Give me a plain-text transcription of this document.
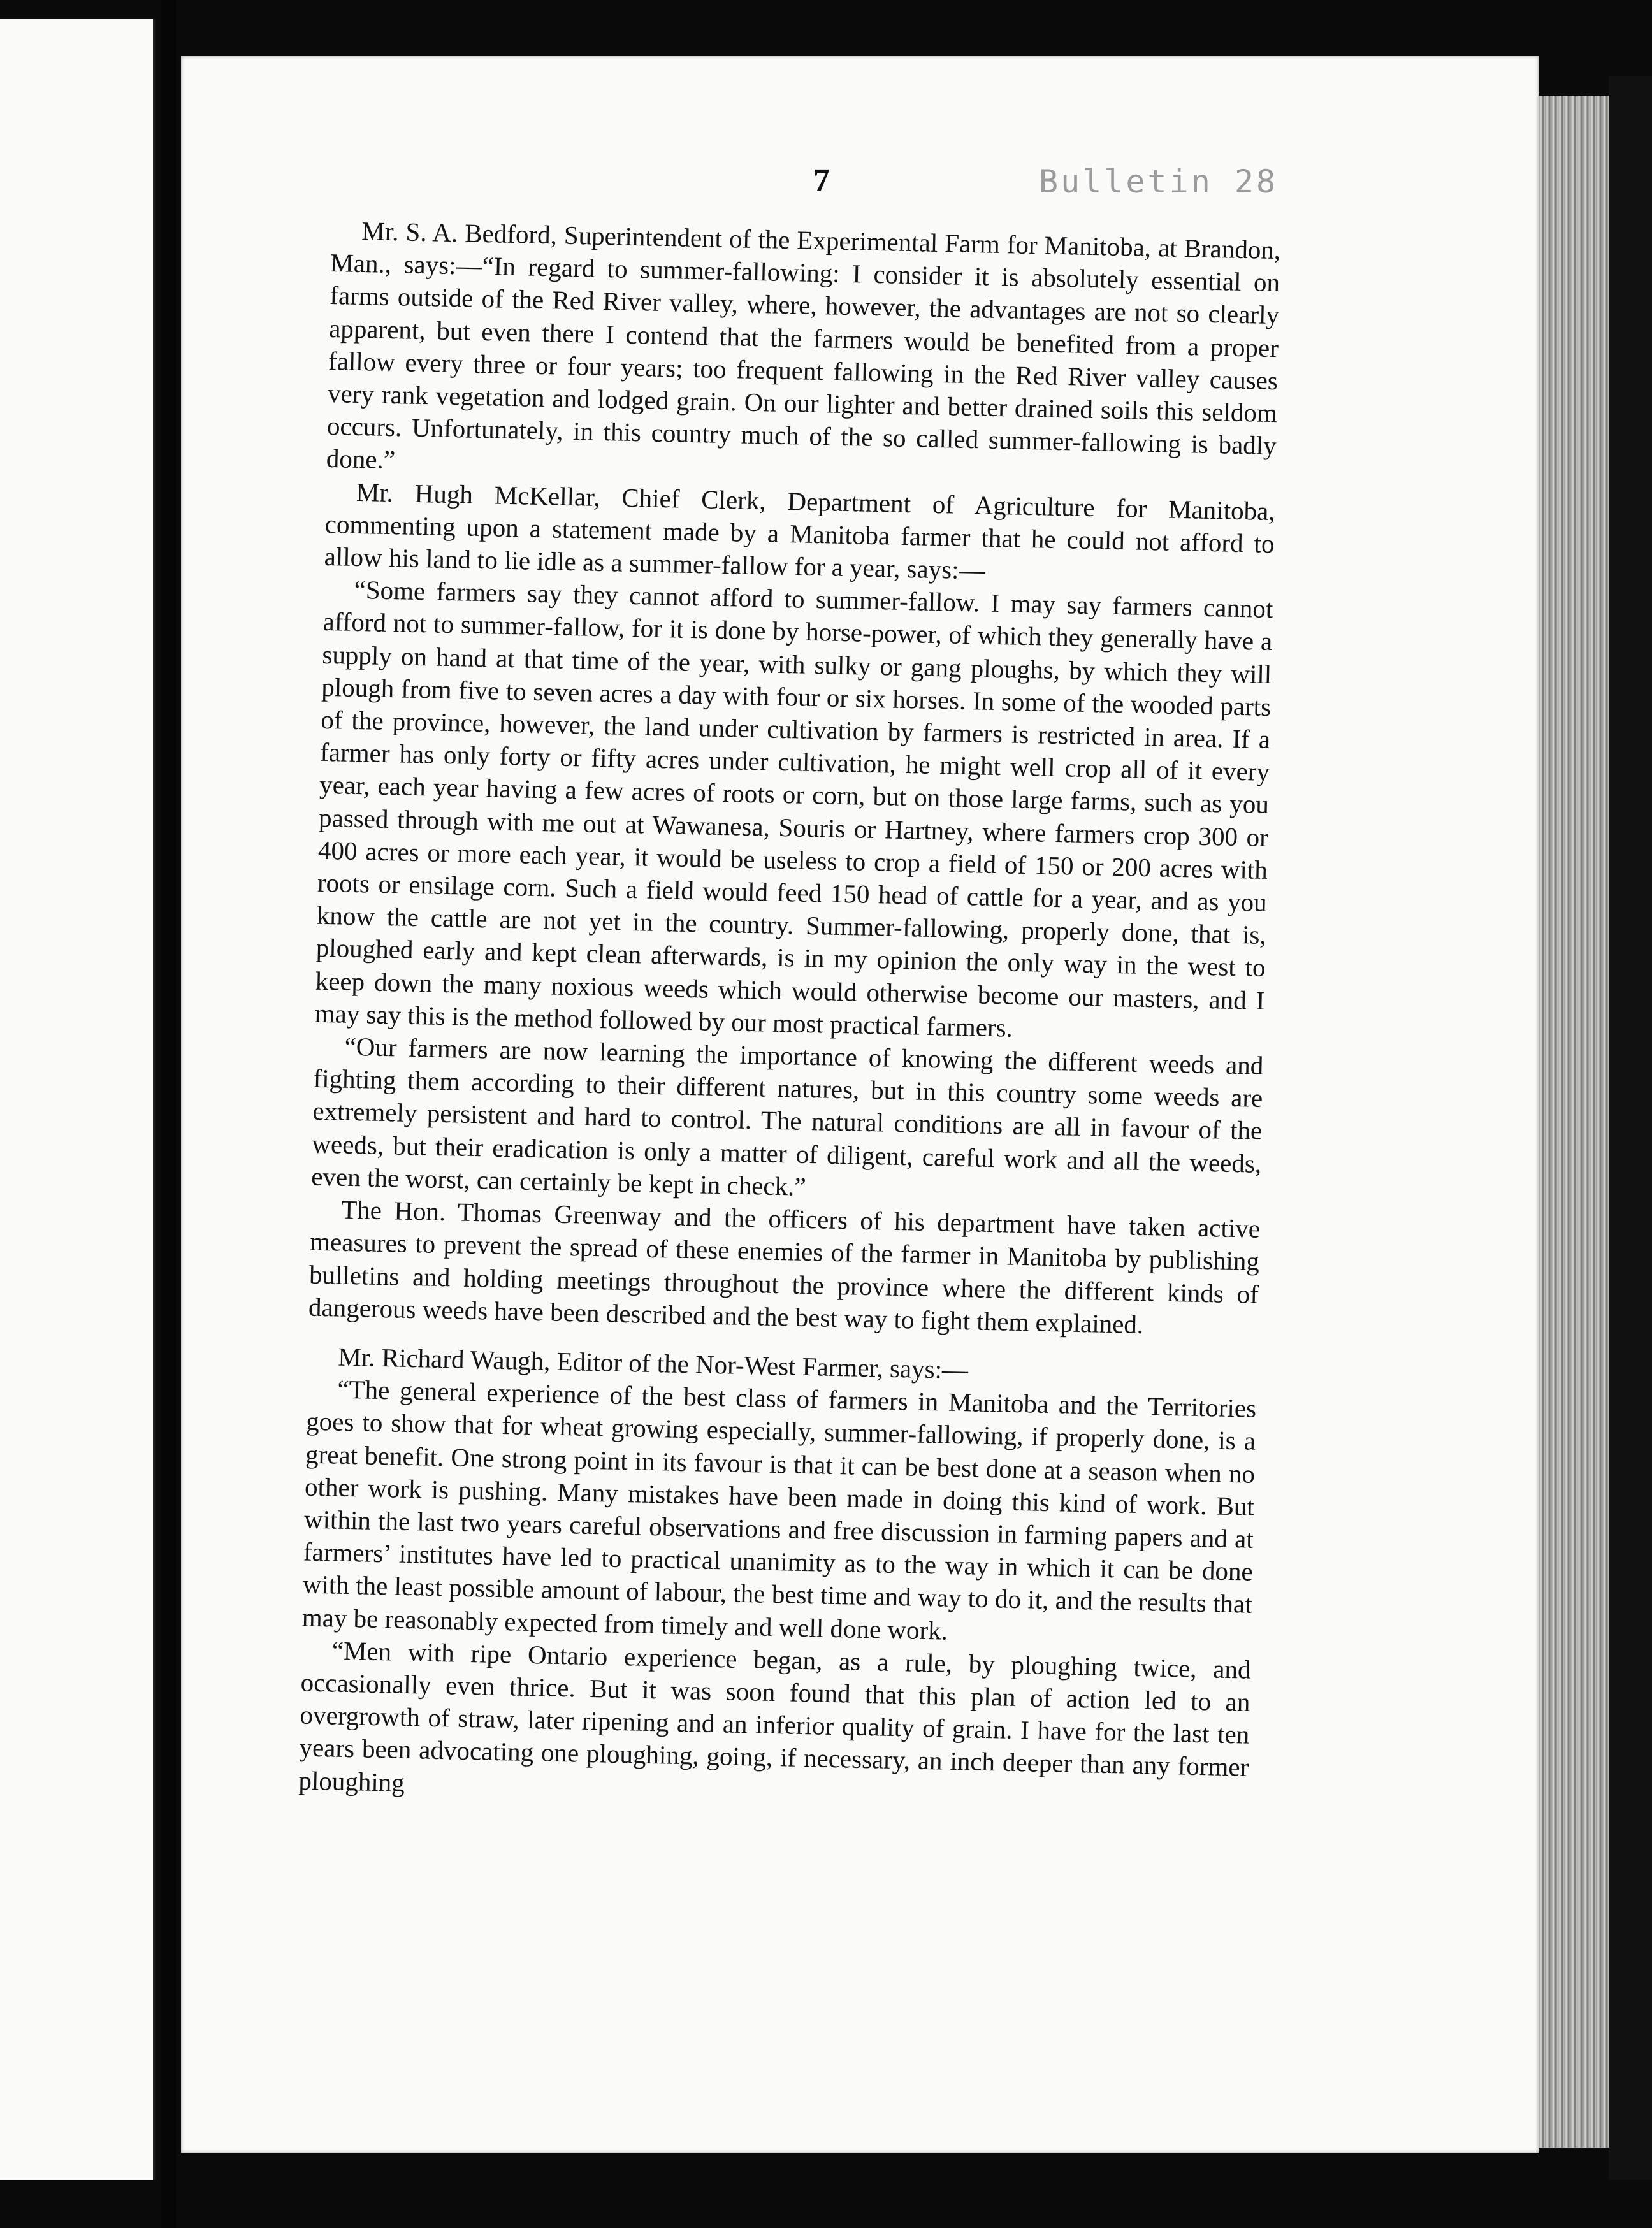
7	Bulletin 28

Mr. S. A. Bedford, Superintendent of the Experimental Farm for Manitoba, at Brandon, Man., says:—“In regard to summer-fallowing: I consider it is absolutely essential on farms outside of the Red River valley, where, however, the advantages are not so clearly apparent, but even there I contend that the farmers would be benefited from a proper fallow every three or four years; too frequent fallowing in the Red River valley causes very rank vegetation and lodged grain. On our lighter and better drained soils this seldom occurs. Unfortunately, in this country much of the so called summer-fallowing is badly done.”

Mr. Hugh McKellar, Chief Clerk, Department of Agriculture for Manitoba, commenting upon a statement made by a Manitoba farmer that he could not afford to allow his land to lie idle as a summer-fallow for a year, says:—

“Some farmers say they cannot afford to summer-fallow. I may say farmers cannot afford not to summer-fallow, for it is done by horse-power, of which they generally have a supply on hand at that time of the year, with sulky or gang ploughs, by which they will plough from five to seven acres a day with four or six horses. In some of the wooded parts of the province, however, the land under cultivation by farmers is restricted in area. If a farmer has only forty or fifty acres under cultivation, he might well crop all of it every year, each year having a few acres of roots or corn, but on those large farms, such as you passed through with me out at Wawanesa, Souris or Hartney, where farmers crop 300 or 400 acres or more each year, it would be useless to crop a field of 150 or 200 acres with roots or ensilage corn. Such a field would feed 150 head of cattle for a year, and as you know the cattle are not yet in the country. Summer-fallowing, properly done, that is, ploughed early and kept clean afterwards, is in my opinion the only way in the west to keep down the many noxious weeds which would otherwise become our masters, and I may say this is the method followed by our most practical farmers.

“Our farmers are now learning the importance of knowing the different weeds and fighting them according to their different natures, but in this country some weeds are extremely persistent and hard to control. The natural conditions are all in favour of the weeds, but their eradication is only a matter of diligent, careful work and all the weeds, even the worst, can certainly be kept in check.”

The Hon. Thomas Greenway and the officers of his department have taken active measures to prevent the spread of these enemies of the farmer in Manitoba by publishing bulletins and holding meetings throughout the province where the different kinds of dangerous weeds have been described and the best way to fight them explained.

Mr. Richard Waugh, Editor of the Nor-West Farmer, says:—

“The general experience of the best class of farmers in Manitoba and the Territories goes to show that for wheat growing especially, summer-fallowing, if properly done, is a great benefit. One strong point in its favour is that it can be best done at a season when no other work is pushing. Many mistakes have been made in doing this kind of work. But within the last two years careful observations and free discussion in farming papers and at farmers’ institutes have led to practical unanimity as to the way in which it can be done with the least possible amount of labour, the best time and way to do it, and the results that may be reasonably expected from timely and well done work.

“Men with ripe Ontario experience began, as a rule, by ploughing twice, and occasionally even thrice. But it was soon found that this plan of action led to an overgrowth of straw, later ripening and an inferior quality of grain. I have for the last ten years been advocating one ploughing, going, if necessary, an inch deeper than any former ploughing
